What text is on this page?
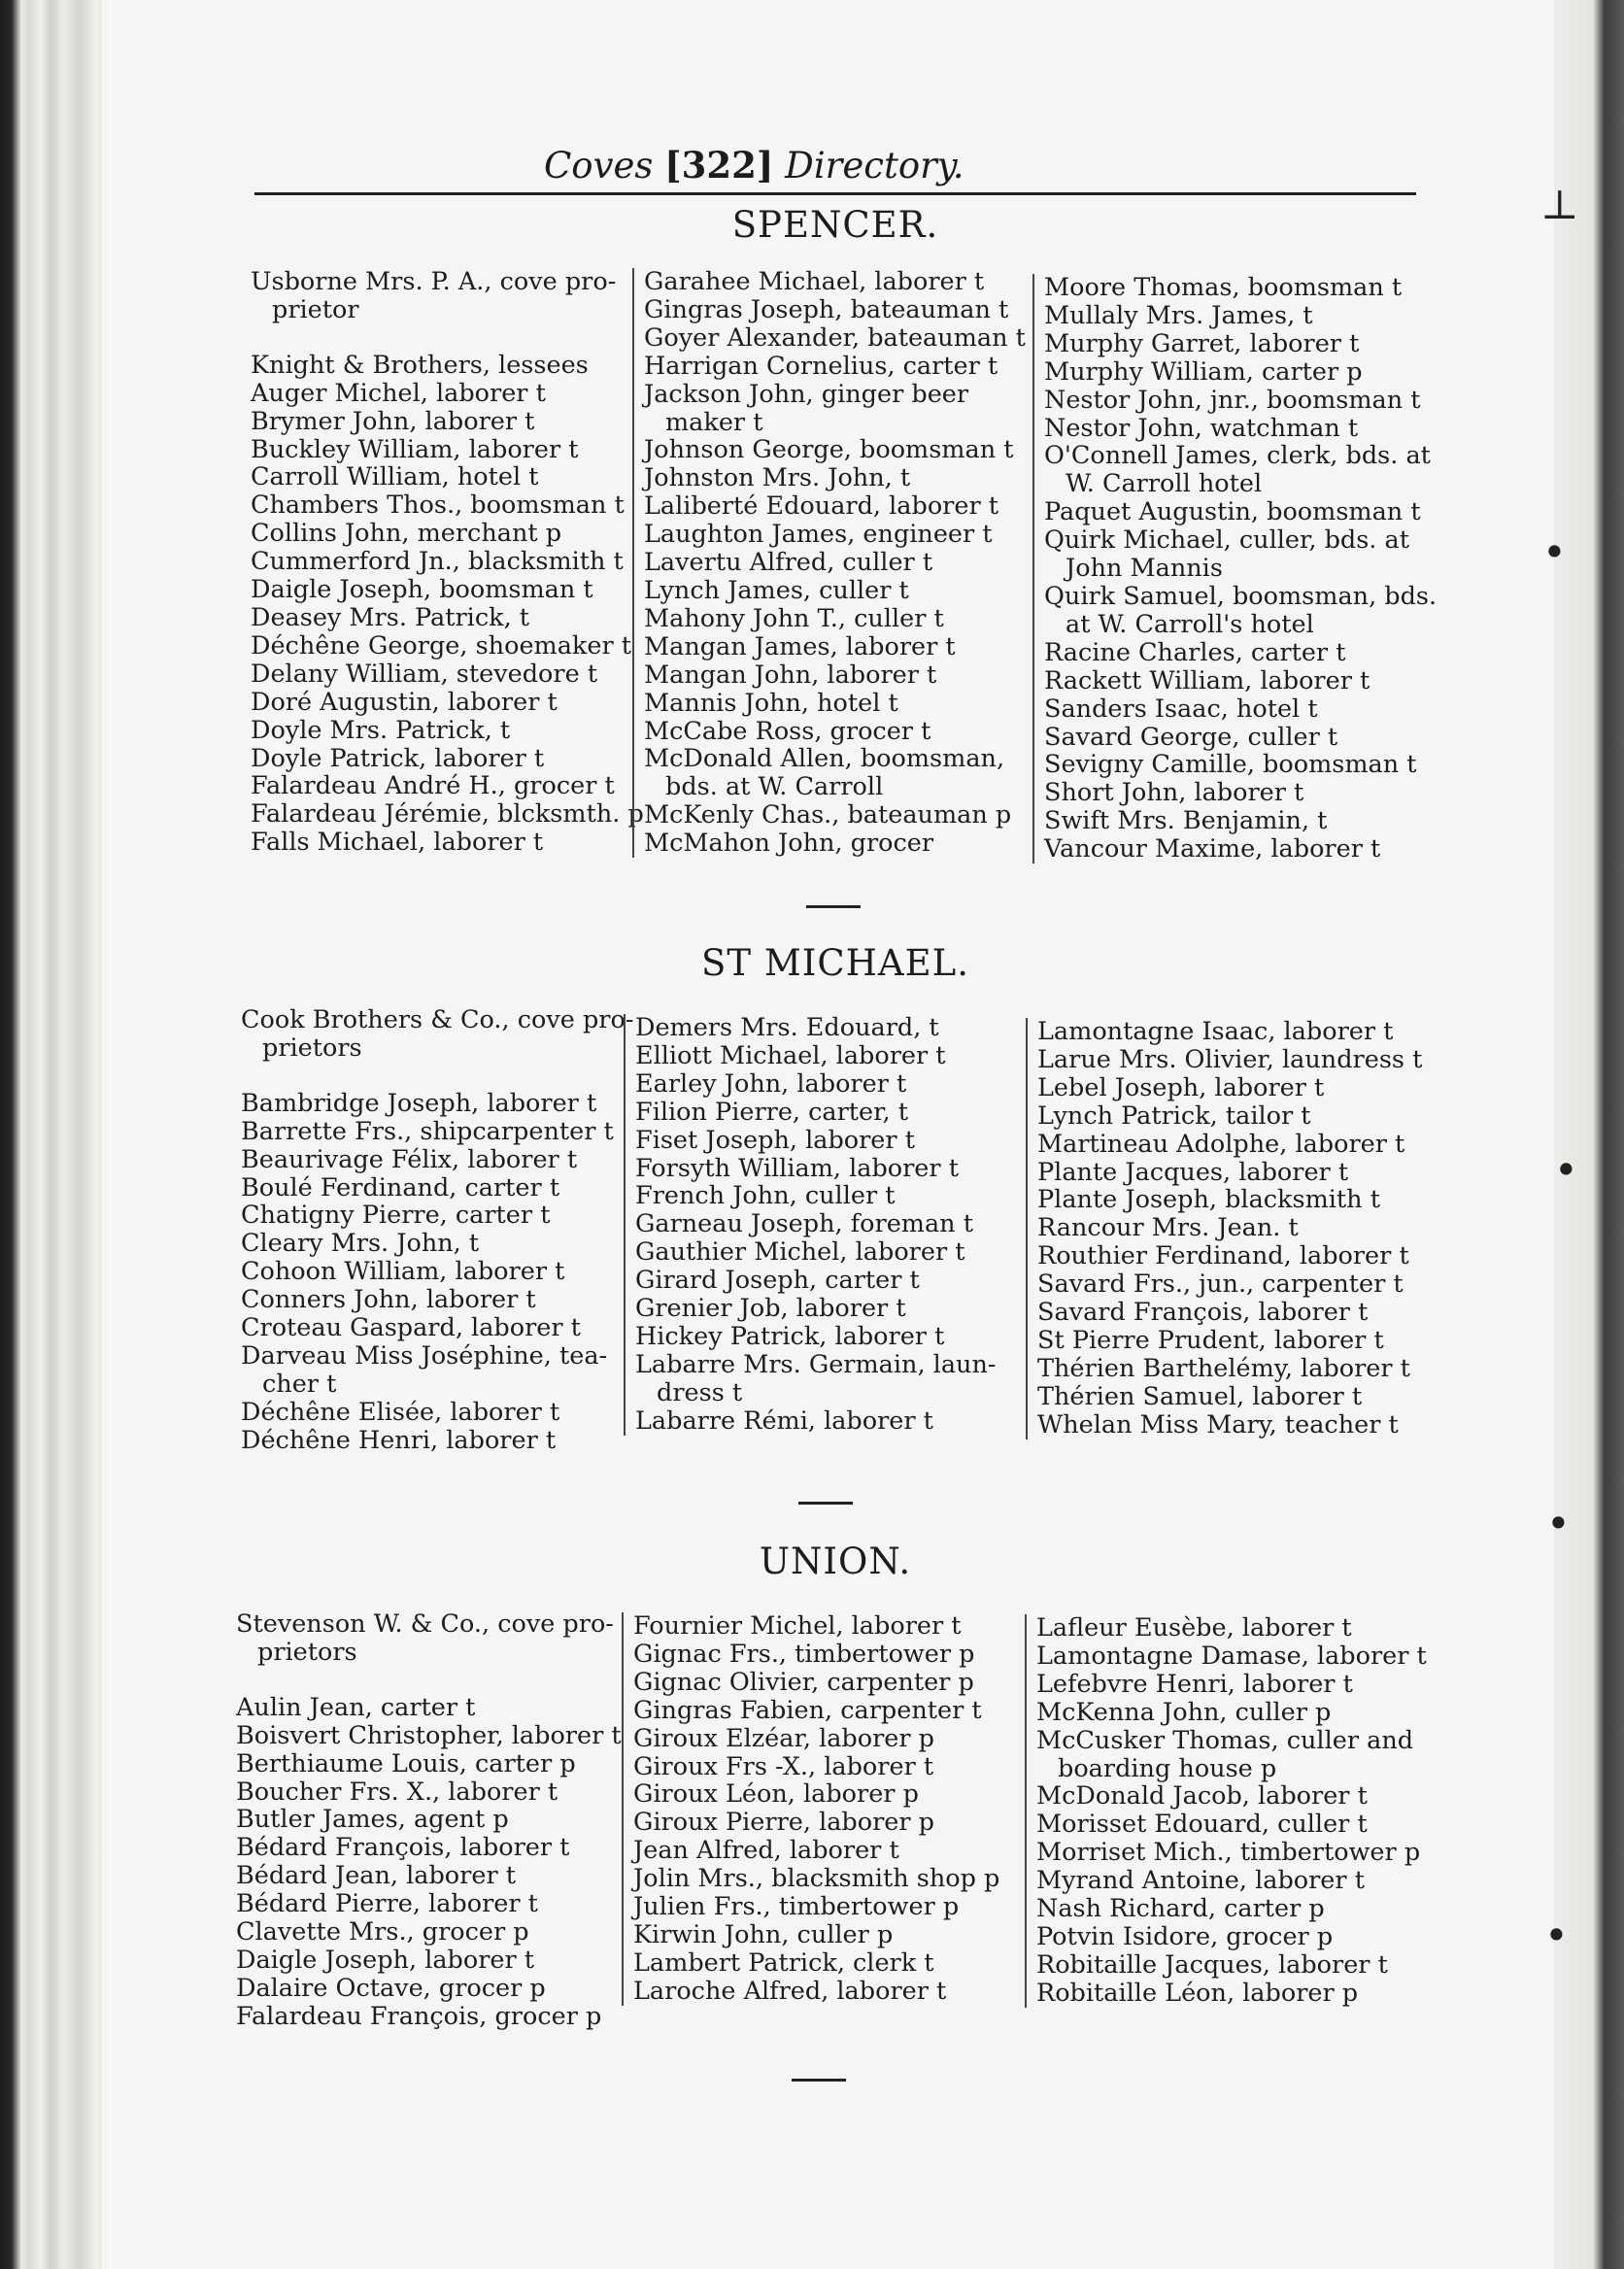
Coves [322] Directory.
SPENCER.
Usborne Mrs. P. A., cove pro-
prietor
Knight & Brothers, lessees
Auger Michel, laborer t
Brymer John, laborer t
Buckley William, laborer t
Carroll William, hotel t
Chambers Thos., boomsman t
Collins John, merchant p
Cummerford Jn., blacksmith t
Daigle Joseph, boomsman t
Deasey Mrs. Patrick, t
Déchêne George, shoemaker t
Delany William, stevedore t
Doré Augustin, laborer t
Doyle Mrs. Patrick, t
Doyle Patrick, laborer t
Falardeau André H., grocer t
Falardeau Jérémie, blcksmth. p
Falls Michael, laborer t
Garahee Michael, laborer t
Gingras Joseph, bateauman t
Goyer Alexander, bateauman t
Harrigan Cornelius, carter t
Jackson John, ginger beer
maker t
Johnson George, boomsman t
Johnston Mrs. John, t
Laliberté Edouard, laborer t
Laughton James, engineer t
Lavertu Alfred, culler t
Lynch James, culler t
Mahony John T., culler t
Mangan James, laborer t
Mangan John, laborer t
Mannis John, hotel t
McCabe Ross, grocer t
McDonald Allen, boomsman,
bds. at W. Carroll
McKenly Chas., bateauman p
McMahon John, grocer
Moore Thomas, boomsman t
Mullaly Mrs. James, t
Murphy Garret, laborer t
Murphy William, carter p
Nestor John, jnr., boomsman t
Nestor John, watchman t
O'Connell James, clerk, bds. at
W. Carroll hotel
Paquet Augustin, boomsman t
Quirk Michael, culler, bds. at
John Mannis
Quirk Samuel, boomsman, bds.
at W. Carroll's hotel
Racine Charles, carter t
Rackett William, laborer t
Sanders Isaac, hotel t
Savard George, culler t
Sevigny Camille, boomsman t
Short John, laborer t
Swift Mrs. Benjamin, t
Vancour Maxime, laborer t
ST MICHAEL.
Cook Brothers & Co., cove pro-
prietors
Bambridge Joseph, laborer t
Barrette Frs., shipcarpenter t
Beaurivage Félix, laborer t
Boulé Ferdinand, carter t
Chatigny Pierre, carter t
Cleary Mrs. John, t
Cohoon William, laborer t
Conners John, laborer t
Croteau Gaspard, laborer t
Darveau Miss Joséphine, tea-
cher t
Déchêne Elisée, laborer t
Déchêne Henri, laborer t
Demers Mrs. Edouard, t
Elliott Michael, laborer t
Earley John, laborer t
Filion Pierre, carter, t
Fiset Joseph, laborer t
Forsyth William, laborer t
French John, culler t
Garneau Joseph, foreman t
Gauthier Michel, laborer t
Girard Joseph, carter t
Grenier Job, laborer t
Hickey Patrick, laborer t
Labarre Mrs. Germain, laun-
dress t
Labarre Rémi, laborer t
Lamontagne Isaac, laborer t
Larue Mrs. Olivier, laundress t
Lebel Joseph, laborer t
Lynch Patrick, tailor t
Martineau Adolphe, laborer t
Plante Jacques, laborer t
Plante Joseph, blacksmith t
Rancour Mrs. Jean. t
Routhier Ferdinand, laborer t
Savard Frs., jun., carpenter t
Savard François, laborer t
St Pierre Prudent, laborer t
Thérien Barthelémy, laborer t
Thérien Samuel, laborer t
Whelan Miss Mary, teacher t
UNION.
Stevenson W. & Co., cove pro-
prietors
Aulin Jean, carter t
Boisvert Christopher, laborer t
Berthiaume Louis, carter p
Boucher Frs. X., laborer t
Butler James, agent p
Bédard François, laborer t
Bédard Jean, laborer t
Bédard Pierre, laborer t
Clavette Mrs., grocer p
Daigle Joseph, laborer t
Dalaire Octave, grocer p
Falardeau François, grocer p
Fournier Michel, laborer t
Gignac Frs., timbertower p
Gignac Olivier, carpenter p
Gingras Fabien, carpenter t
Giroux Elzéar, laborer p
Giroux Frs -X., laborer t
Giroux Léon, laborer p
Giroux Pierre, laborer p
Jean Alfred, laborer t
Jolin Mrs., blacksmith shop p
Julien Frs., timbertower p
Kirwin John, culler p
Lambert Patrick, clerk t
Laroche Alfred, laborer t
Lafleur Eusèbe, laborer t
Lamontagne Damase, laborer t
Lefebvre Henri, laborer t
McKenna John, culler p
McCusker Thomas, culler and
boarding house p
McDonald Jacob, laborer t
Morisset Edouard, culler t
Morriset Mich., timbertower p
Myrand Antoine, laborer t
Nash Richard, carter p
Potvin Isidore, grocer p
Robitaille Jacques, laborer t
Robitaille Léon, laborer p
⊥
•
•
•
•
